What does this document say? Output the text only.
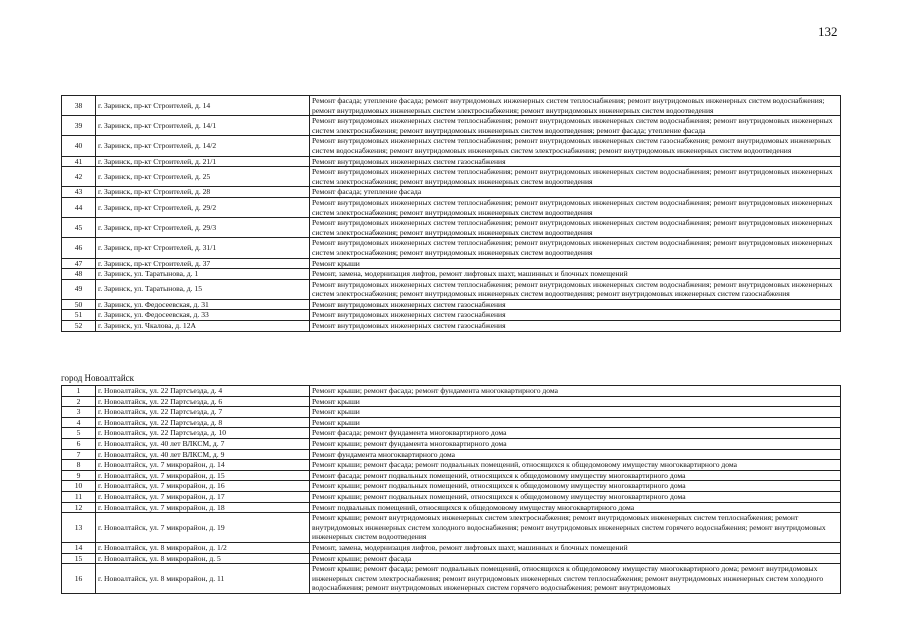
132
38	г. Заринск, пр-кт Строителей, д. 14	Ремонт фасада; утепление фасада; ремонт внутридомовых инженерных систем теплоснабжения; ремонт внутридомовых инженерных систем водоснабжения; ремонт внутридомовых инженерных систем электроснабжения; ремонт внутридомовых инженерных систем водоотведения
39	г. Заринск, пр-кт Строителей, д. 14/1	Ремонт внутридомовых инженерных систем теплоснабжения; ремонт внутридомовых инженерных систем водоснабжения; ремонт внутридомовых инженерных систем электроснабжения; ремонт внутридомовых инженерных систем водоотведения; ремонт фасада; утепление фасада
40	г. Заринск, пр-кт Строителей, д. 14/2	Ремонт внутридомовых инженерных систем теплоснабжения; ремонт внутридомовых инженерных систем газоснабжения; ремонт внутридомовых инженерных систем водоснабжения; ремонт внутридомовых инженерных систем электроснабжения; ремонт внутридомовых инженерных систем водоотведения
41	г. Заринск, пр-кт Строителей, д. 21/1	Ремонт внутридомовых инженерных систем газоснабжения
42	г. Заринск, пр-кт Строителей, д. 25	Ремонт внутридомовых инженерных систем теплоснабжения; ремонт внутридомовых инженерных систем водоснабжения; ремонт внутридомовых инженерных систем электроснабжения; ремонт внутридомовых инженерных систем водоотведения
43	г. Заринск, пр-кт Строителей, д. 28	Ремонт фасада; утепление фасада
44	г. Заринск, пр-кт Строителей, д. 29/2	Ремонт внутридомовых инженерных систем теплоснабжения; ремонт внутридомовых инженерных систем водоснабжения; ремонт внутридомовых инженерных систем электроснабжения; ремонт внутридомовых инженерных систем водоотведения
45	г. Заринск, пр-кт Строителей, д. 29/3	Ремонт внутридомовых инженерных систем теплоснабжения; ремонт внутридомовых инженерных систем водоснабжения; ремонт внутридомовых инженерных систем электроснабжения; ремонт внутридомовых инженерных систем водоотведения
46	г. Заринск, пр-кт Строителей, д. 31/1	Ремонт внутридомовых инженерных систем теплоснабжения; ремонт внутридомовых инженерных систем водоснабжения; ремонт внутридомовых инженерных систем электроснабжения; ремонт внутридомовых инженерных систем водоотведения
47	г. Заринск, пр-кт Строителей, д. 37	Ремонт крыши
48	г. Заринск, ул. Таратынова, д. 1	Ремонт, замена, модернизация лифтов, ремонт лифтовых шахт, машинных и блочных помещений
49	г. Заринск, ул. Таратынова, д. 15	Ремонт внутридомовых инженерных систем теплоснабжения; ремонт внутридомовых инженерных систем водоснабжения; ремонт внутридомовых инженерных систем электроснабжения; ремонт внутридомовых инженерных систем водоотведения; ремонт внутридомовых инженерных систем газоснабжения
50	г. Заринск, ул. Федосеевская, д. 31	Ремонт внутридомовых инженерных систем газоснабжения
51	г. Заринск, ул. Федосеевская, д. 33	Ремонт внутридомовых инженерных систем газоснабжения
52	г. Заринск, ул. Чкалова, д. 12А	Ремонт внутридомовых инженерных систем газоснабжения
город Новоалтайск
1	г. Новоалтайск, ул. 22 Партсъезда, д. 4	Ремонт крыши; ремонт фасада; ремонт фундамента многоквартирного дома
2	г. Новоалтайск, ул. 22 Партсъезда, д. 6	Ремонт крыши
3	г. Новоалтайск, ул. 22 Партсъезда, д. 7	Ремонт крыши
4	г. Новоалтайск, ул. 22 Партсъезда, д. 8	Ремонт крыши
5	г. Новоалтайск, ул. 22 Партсъезда, д. 10	Ремонт фасада; ремонт фундамента многоквартирного дома
6	г. Новоалтайск, ул. 40 лет ВЛКСМ, д. 7	Ремонт крыши; ремонт фундамента многоквартирного дома
7	г. Новоалтайск, ул. 40 лет ВЛКСМ, д. 9	Ремонт фундамента многоквартирного дома
8	г. Новоалтайск, ул. 7 микрорайон, д. 14	Ремонт крыши; ремонт фасада; ремонт подвальных помещений, относящихся к общедомовому имуществу многоквартирного дома
9	г. Новоалтайск, ул. 7 микрорайон, д. 15	Ремонт фасада; ремонт подвальных помещений, относящихся к общедомовому имуществу многоквартирного дома
10	г. Новоалтайск, ул. 7 микрорайон, д. 16	Ремонт крыши; ремонт подвальных помещений, относящихся к общедомовому имуществу многоквартирного дома
11	г. Новоалтайск, ул. 7 микрорайон, д. 17	Ремонт крыши; ремонт подвальных помещений, относящихся к общедомовому имуществу многоквартирного дома
12	г. Новоалтайск, ул. 7 микрорайон, д. 18	Ремонт подвальных помещений, относящихся к общедомовому имуществу многоквартирного дома
13	г. Новоалтайск, ул. 7 микрорайон, д. 19	Ремонт крыши; ремонт внутридомовых инженерных систем электроснабжения; ремонт внутридомовых инженерных систем теплоснабжения; ремонт внутридомовых инженерных систем холодного водоснабжения; ремонт внутридомовых инженерных систем горячего водоснабжения; ремонт внутридомовых инженерных систем водоотведения
14	г. Новоалтайск, ул. 8 микрорайон, д. 1/2	Ремонт, замена, модернизация лифтов, ремонт лифтовых шахт, машинных и блочных помещений
15	г. Новоалтайск, ул. 8 микрорайон, д. 5	Ремонт крыши; ремонт фасада
16	г. Новоалтайск, ул. 8 микрорайон, д. 11	Ремонт крыши; ремонт фасада; ремонт подвальных помещений, относящихся к общедомовому имуществу многоквартирного дома; ремонт внутридомовых инженерных систем электроснабжения; ремонт внутридомовых инженерных систем теплоснабжения; ремонт внутридомовых инженерных систем холодного водоснабжения; ремонт внутридомовых инженерных систем горячего водоснабжения; ремонт внутридомовых
